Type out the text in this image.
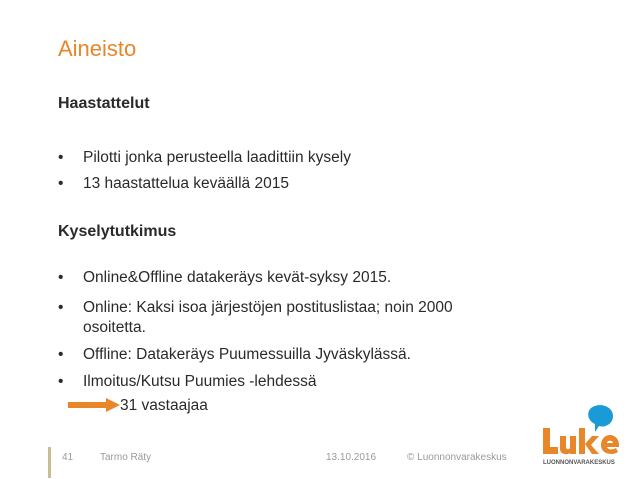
Aineisto
Haastattelut
• Pilotti jonka perusteella laadittiin kysely
• 13 haastattelua keväällä 2015
Kyselytutkimus
• Online&Offline datakeräys kevät-syksy 2015.
• Online: Kaksi isoa järjestöjen postituslistaa; noin 2000
osoitetta.
• Offline: Datakeräys Puumessuilla Jyväskylässä.
• Ilmoitus/Kutsu Puumies -lehdessä
31 vastaajaa
41	Tarmo Räty	13.10.2016	© Luonnonvarakeskus	LUONNONVARAKESKUS
